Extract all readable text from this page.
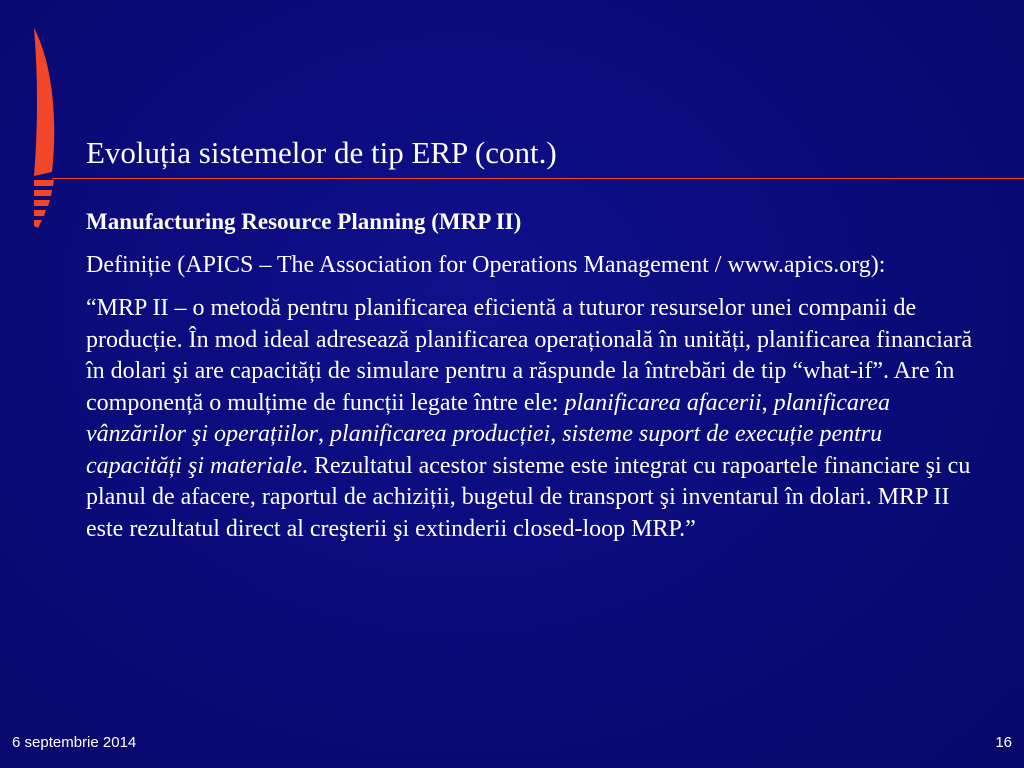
Evoluția sistemelor de tip ERP (cont.)

Manufacturing Resource Planning (MRP II)

Definiție (APICS – The Association for Operations Management / www.apics.org):

“MRP II – o metodă pentru planificarea eficientă a tuturor resurselor unei companii de producție. În mod ideal adresează planificarea operațională în unități, planificarea financiară în dolari şi are capacități de simulare pentru a răspunde la întrebări de tip “what-if”. Are în componență o mulțime de funcții legate între ele: planificarea afacerii, planificarea vânzărilor şi operațiilor, planificarea producției, sisteme suport de execuție pentru capacități şi materiale. Rezultatul acestor sisteme este integrat cu rapoartele financiare şi cu planul de afacere, raportul de achiziții, bugetul de transport şi inventarul în dolari. MRP II este rezultatul direct al creşterii şi extinderii closed-loop MRP.”

6 septembrie 2014	16
